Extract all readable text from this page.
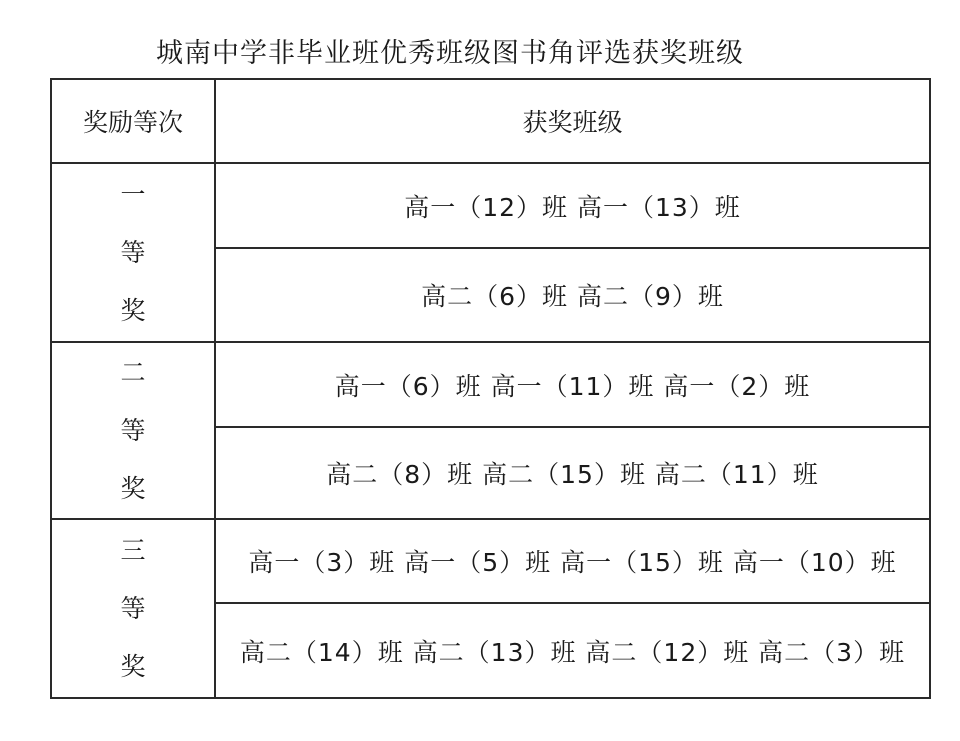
城南中学非毕业班优秀班级图书角评选获奖班级
奖励等次	获奖班级

一
等
奖	高一（12）班 高一（13）班
	高二（6）班 高二（9）班

二
等
奖	高一（6）班 高一（11）班 高一（2）班
	高二（8）班 高二（15）班 高二（11）班

三
等
奖	高一（3）班 高一（5）班 高一（15）班 高一（10）班
	高二（14）班 高二（13）班 高二（12）班 高二（3）班
